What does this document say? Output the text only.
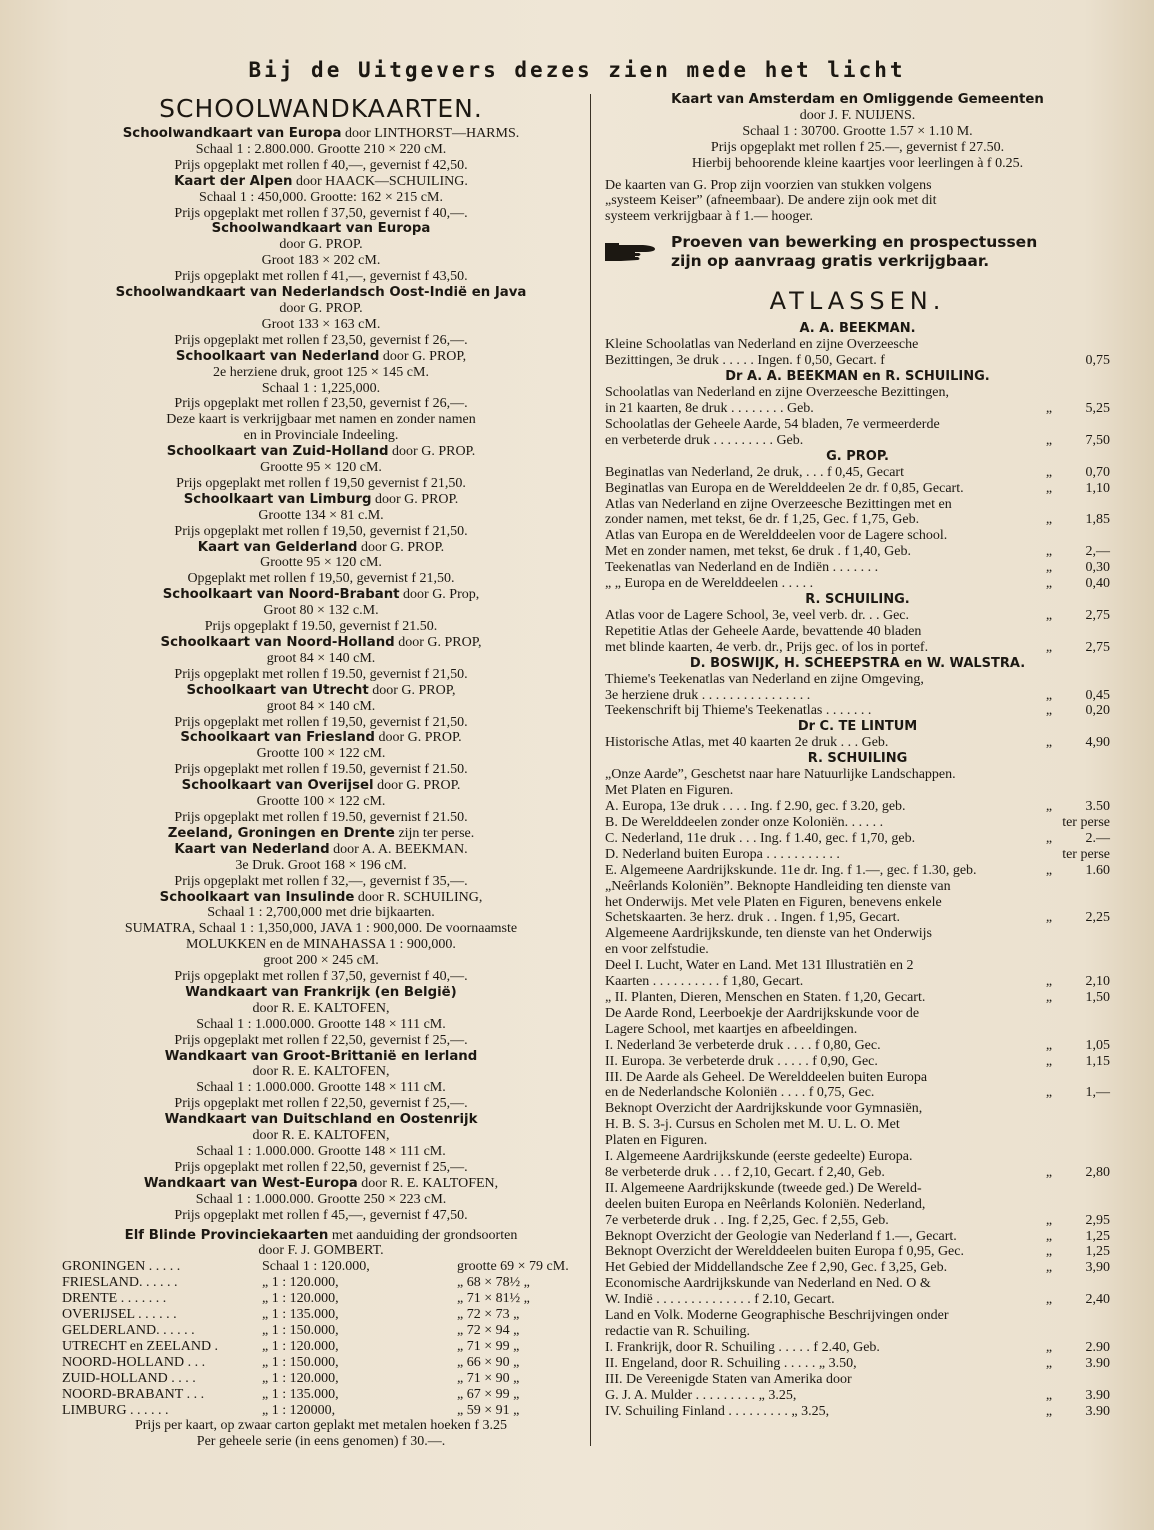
Bij de Uitgevers dezes zien mede het licht
SCHOOLWANDKAARTEN.
Schoolwandkaart van Europa door LINTHORST—HARMS.
Schaal 1 : 2.800.000. Grootte 210 × 220 cM.
Prijs opgeplakt met rollen f 40,—, gevernist f 42,50.
Kaart der Alpen door HAACK—SCHUILING.
Schaal 1 : 450,000. Grootte: 162 × 215 cM.
Prijs opgeplakt met rollen f 37,50, gevernist f 40,—.
Schoolwandkaart van Europa
door G. PROP.
Groot 183 × 202 cM.
Prijs opgeplakt met rollen f 41,—, gevernist f 43,50.
Schoolwandkaart van Nederlandsch Oost-Indië en Java
door G. PROP.
Groot 133 × 163 cM.
Prijs opgeplakt met rollen f 23,50, gevernist f 26,—.
Schoolkaart van Nederland door G. PROP,
2e herziene druk, groot 125 × 145 cM.
Schaal 1 : 1,225,000.
Prijs opgeplakt met rollen f 23,50, gevernist f 26,—.
Deze kaart is verkrijgbaar met namen en zonder namen
en in Provinciale Indeeling.
Schoolkaart van Zuid-Holland door G. PROP.
Grootte 95 × 120 cM.
Prijs opgeplakt met rollen f 19,50 gevernist f 21,50.
Schoolkaart van Limburg door G. PROP.
Grootte 134 × 81 c.M.
Prijs opgeplakt met rollen f 19,50, gevernist f 21,50.
Kaart van Gelderland door G. PROP.
Grootte 95 × 120 cM.
Opgeplakt met rollen f 19,50, gevernist f 21,50.
Schoolkaart van Noord-Brabant door G. Prop,
Groot 80 × 132 c.M.
Prijs opgeplakt f 19.50, gevernist f 21.50.
Schoolkaart van Noord-Holland door G. PROP,
groot 84 × 140 cM.
Prijs opgeplakt met rollen f 19.50, gevernist f 21,50.
Schoolkaart van Utrecht door G. PROP,
groot 84 × 140 cM.
Prijs opgeplakt met rollen f 19,50, gevernist f 21,50.
Schoolkaart van Friesland door G. PROP.
Grootte 100 × 122 cM.
Prijs opgeplakt met rollen f 19.50, gevernist f 21.50.
Schoolkaart van Overijsel door G. PROP.
Grootte 100 × 122 cM.
Prijs opgeplakt met rollen f 19.50, gevernist f 21.50.
Zeeland, Groningen en Drente zijn ter perse.
Kaart van Nederland door A. A. BEEKMAN.
3e Druk. Groot 168 × 196 cM.
Prijs opgeplakt met rollen f 32,—, gevernist f 35,—.
Schoolkaart van Insulinde door R. SCHUILING,
Schaal 1 : 2,700,000 met drie bijkaarten.
SUMATRA, Schaal 1 : 1,350,000, JAVA 1 : 900,000. De voornaamste
MOLUKKEN en de MINAHASSA 1 : 900,000.
groot 200 × 245 cM.
Prijs opgeplakt met rollen f 37,50, gevernist f 40,—.
Wandkaart van Frankrijk (en België)
door R. E. KALTOFEN,
Schaal 1 : 1.000.000. Grootte 148 × 111 cM.
Prijs opgeplakt met rollen f 22,50, gevernist f 25,—.
Wandkaart van Groot-Brittanië en Ierland
door R. E. KALTOFEN,
Schaal 1 : 1.000.000. Grootte 148 × 111 cM.
Prijs opgeplakt met rollen f 22,50, gevernist f 25,—.
Wandkaart van Duitschland en Oostenrijk
door R. E. KALTOFEN,
Schaal 1 : 1.000.000. Grootte 148 × 111 cM.
Prijs opgeplakt met rollen f 22,50, gevernist f 25,—.
Wandkaart van West-Europa door R. E. KALTOFEN,
Schaal 1 : 1.000.000. Grootte 250 × 223 cM.
Prijs opgeplakt met rollen f 45,—, gevernist f 47,50.
Elf Blinde Provinciekaarten met aanduiding der grondsoorten
door F. J. GOMBERT.
GRONINGEN . . . . .	Schaal 1 : 120.000,	grootte 69 × 79 cM.
FRIESLAND. . . . . .	„ 1 : 120.000,	„ 68 × 78½ „
DRENTE . . . . . . .	„ 1 : 120.000,	„ 71 × 81½ „
OVERIJSEL . . . . . .	„ 1 : 135.000,	„ 72 × 73 „
GELDERLAND. . . . . .	„ 1 : 150.000,	„ 72 × 94 „
UTRECHT en ZEELAND .	„ 1 : 120.000,	„ 71 × 99 „
NOORD-HOLLAND . . .	„ 1 : 150.000,	„ 66 × 90 „
ZUID-HOLLAND . . . .	„ 1 : 120.000,	„ 71 × 90 „
NOORD-BRABANT . . .	„ 1 : 135.000,	„ 67 × 99 „
LIMBURG . . . . . .	„ 1 : 120000,	„ 59 × 91 „
Prijs per kaart, op zwaar carton geplakt met metalen hoeken f 3.25
Per geheele serie (in eens genomen) f 30.—.
Kaart van Amsterdam en Omliggende Gemeenten
door J. F. NUIJENS.
Schaal 1 : 30700. Grootte 1.57 × 1.10 M.
Prijs opgeplakt met rollen f 25.—, gevernist f 27.50.
Hierbij behoorende kleine kaartjes voor leerlingen à f 0.25.
De kaarten van G. Prop zijn voorzien van stukken volgens
„systeem Keiser” (afneembaar). De andere zijn ook met dit
systeem verkrijgbaar à f 1.— hooger.
Proeven van bewerking en prospectussen
zijn op aanvraag gratis verkrijgbaar.
ATLASSEN.
A. A. BEEKMAN.
Kleine Schoolatlas van Nederland en zijne Overzeesche
Bezittingen, 3e druk . . . . . Ingen. f 0,50, Gecart. f	0,75
Dr A. A. BEEKMAN en R. SCHUILING.
Schoolatlas van Nederland en zijne Overzeesche Bezittingen,
in 21 kaarten, 8e druk . . . . . . . . Geb.	„	5,25
Schoolatlas der Geheele Aarde, 54 bladen, 7e vermeerderde
en verbeterde druk . . . . . . . . . Geb.	„	7,50
G. PROP.
Beginatlas van Nederland, 2e druk, . . . f 0,45, Gecart	„	0,70
Beginatlas van Europa en de Werelddeelen 2e dr. f 0,85, Gecart.	„	1,10
Atlas van Nederland en zijne Overzeesche Bezittingen met en
zonder namen, met tekst, 6e dr. f 1,25, Gec. f 1,75, Geb.	„	1,85
Atlas van Europa en de Werelddeelen voor de Lagere school.
Met en zonder namen, met tekst, 6e druk . f 1,40, Geb.	„	2,—
Teekenatlas van Nederland en de Indiën . . . . . . .	„	0,30
„ „ Europa en de Werelddeelen . . . . .	„	0,40
R. SCHUILING.
Atlas voor de Lagere School, 3e, veel verb. dr. . . Gec.	„	2,75
Repetitie Atlas der Geheele Aarde, bevattende 40 bladen
met blinde kaarten, 4e verb. dr., Prijs gec. of los in portef.	„	2,75
D. BOSWIJK, H. SCHEEPSTRA en W. WALSTRA.
Thieme's Teekenatlas van Nederland en zijne Omgeving,
3e herziene druk . . . . . . . . . . . . . . . .	„	0,45
Teekenschrift bij Thieme's Teekenatlas . . . . . . .	„	0,20
Dr C. TE LINTUM
Historische Atlas, met 40 kaarten 2e druk . . . Geb.	„	4,90
R. SCHUILING
„Onze Aarde”, Geschetst naar hare Natuurlijke Landschappen.
Met Platen en Figuren.
A. Europa, 13e druk . . . . Ing. f 2.90, gec. f 3.20, geb.	„	3.50
B. De Werelddeelen zonder onze Koloniën. . . . . .	ter perse
C. Nederland, 11e druk . . . Ing. f 1.40, gec. f 1,70, geb.	„	2.—
D. Nederland buiten Europa . . . . . . . . . . .	ter perse
E. Algemeene Aardrijkskunde. 11e dr. Ing. f 1.—, gec. f 1.30, geb.	„	1.60
„Neêrlands Koloniën”. Beknopte Handleiding ten dienste van
het Onderwijs. Met vele Platen en Figuren, benevens enkele
Schetskaarten. 3e herz. druk . . Ingen. f 1,95, Gecart.	„	2,25
Algemeene Aardrijkskunde, ten dienste van het Onderwijs
en voor zelfstudie.
Deel I. Lucht, Water en Land. Met 131 Illustratiën en 2
Kaarten . . . . . . . . . . f 1,80, Gecart.	„	2,10
„ II. Planten, Dieren, Menschen en Staten. f 1,20, Gecart.	„	1,50
De Aarde Rond, Leerboekje der Aardrijkskunde voor de
Lagere School, met kaartjes en afbeeldingen.
I. Nederland 3e verbeterde druk . . . . f 0,80, Gec.	„	1,05
II. Europa. 3e verbeterde druk . . . . . f 0,90, Gec.	„	1,15
III. De Aarde als Geheel. De Werelddeelen buiten Europa
en de Nederlandsche Koloniën . . . . f 0,75, Gec.	„	1,—
Beknopt Overzicht der Aardrijkskunde voor Gymnasiën,
H. B. S. 3-j. Cursus en Scholen met M. U. L. O. Met
Platen en Figuren.
I. Algemeene Aardrijkskunde (eerste gedeelte) Europa.
8e verbeterde druk . . . f 2,10, Gecart. f 2,40, Geb.	„	2,80
II. Algemeene Aardrijkskunde (tweede ged.) De Wereld-
deelen buiten Europa en Neêrlands Koloniën. Nederland,
7e verbeterde druk . . Ing. f 2,25, Gec. f 2,55, Geb.	„	2,95
Beknopt Overzicht der Geologie van Nederland f 1.—, Gecart.	„	1,25
Beknopt Overzicht der Werelddeelen buiten Europa f 0,95, Gec.	„	1,25
Het Gebied der Middellandsche Zee f 2,90, Gec. f 3,25, Geb.	„	3,90
Economische Aardrijkskunde van Nederland en Ned. O &
W. Indië . . . . . . . . . . . . . . f 2.10, Gecart.	„	2,40
Land en Volk. Moderne Geographische Beschrijvingen onder
redactie van R. Schuiling.
I. Frankrijk, door R. Schuiling . . . . . f 2.40, Geb.	„	2.90
II. Engeland, door R. Schuiling . . . . . „ 3.50,	„	3.90
III. De Vereenigde Staten van Amerika door
G. J. A. Mulder . . . . . . . . . „ 3.25,	„	3.90
IV. Schuiling Finland . . . . . . . . . „ 3.25,	„	3.90
